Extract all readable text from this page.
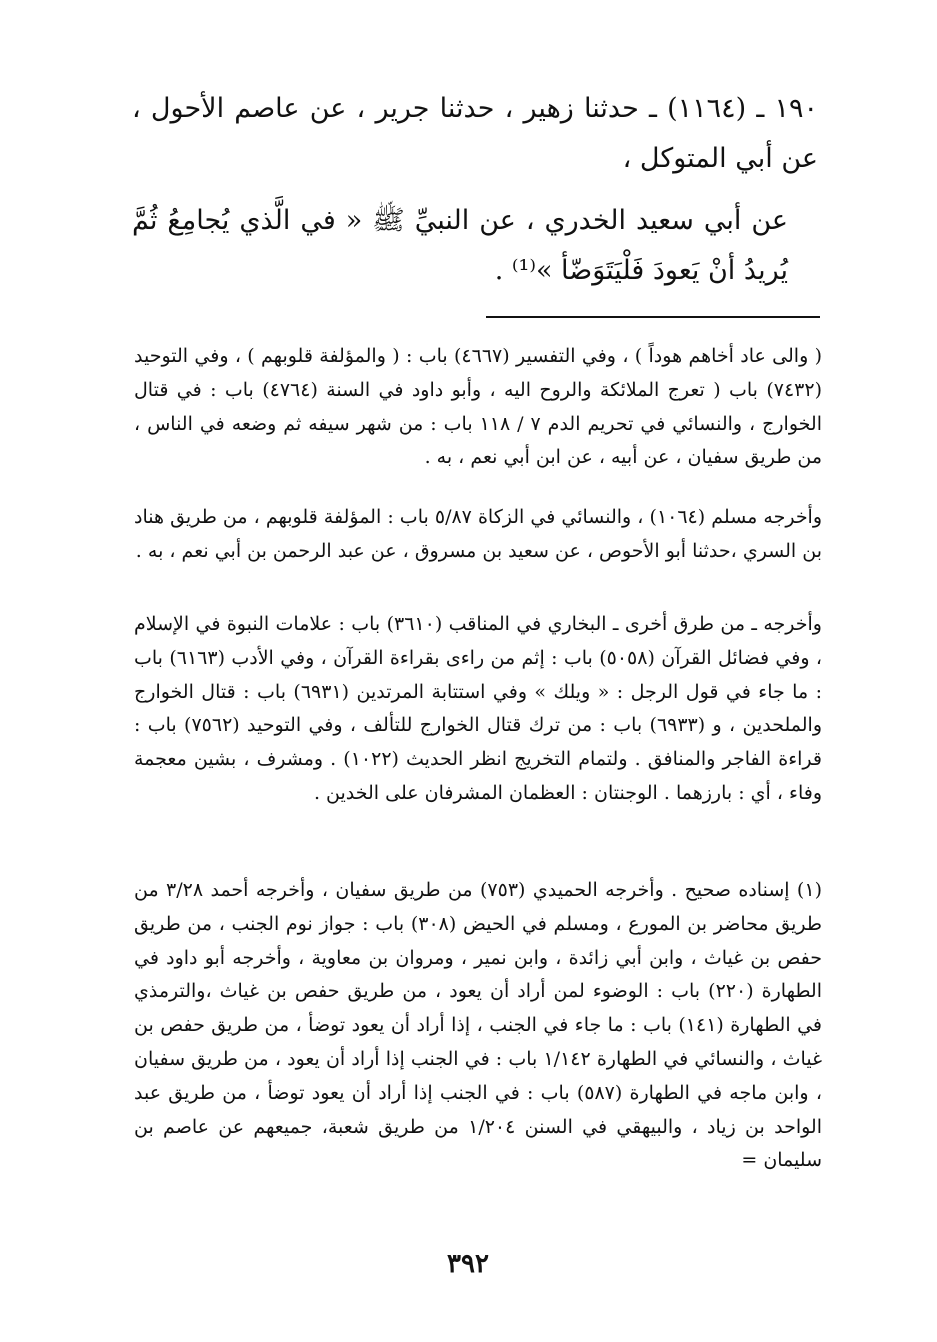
١٩٠ ـ (١١٦٤) ـ حدثنا زهير ، حدثنا جرير ، عن عاصم الأحول ، عن أبي المتوكل ،

عن أبي سعيد الخدري ، عن النبيِّ ﷺ « في الَّذي يُجامِعُ ثُمَّ يُريدُ أنْ يَعودَ فَلْيَتَوَضّأ »⁽¹⁾ .

( والى عاد أخاهم هوداً ) ، وفي التفسير (٤٦٦٧) باب : ( والمؤلفة قلوبهم ) ، وفي التوحيد (٧٤٣٢) باب ( تعرج الملائكة والروح اليه ، وأبو داود في السنة (٤٧٦٤) باب : في قتال الخوارج ، والنسائي في تحريم الدم ٧ / ١١٨ باب : من شهر سيفه ثم وضعه في الناس ، من طريق سفيان ، عن أبيه ، عن ابن أبي نعم ، به .

وأخرجه مسلم (١٠٦٤) ، والنسائي في الزكاة ٥/٨٧ باب : المؤلفة قلوبهم ، من طريق هناد بن السري ،حدثنا أبو الأحوص ، عن سعيد بن مسروق ، عن عبد الرحمن بن أبي نعم ، به .

وأخرجه ـ من طرق أخرى ـ البخاري في المناقب (٣٦١٠) باب : علامات النبوة في الإسلام ، وفي فضائل القرآن (٥٠٥٨) باب : إثم من راءى بقراءة القرآن ، وفي الأدب (٦١٦٣) باب : ما جاء في قول الرجل : « ويلك » وفي استتابة المرتدين (٦٩٣١) باب : قتال الخوارج والملحدين ، و (٦٩٣٣) باب : من ترك قتال الخوارج للتألف ، وفي التوحيد (٧٥٦٢) باب : قراءة الفاجر والمنافق . ولتمام التخريج انظر الحديث (١٠٢٢) . ومشرف ، بشين معجمة وفاء ، أي : بارزهما . الوجنتان : العظمان المشرفان على الخدين .

(١) إسناده صحيح . وأخرجه الحميدي (٧٥٣) من طريق سفيان ، وأخرجه أحمد ٣/٢٨ من طريق محاضر بن المورع ، ومسلم في الحيض (٣٠٨) باب : جواز نوم الجنب ، من طريق حفص بن غياث ، وابن أبي زائدة ، وابن نمير ، ومروان بن معاوية ، وأخرجه أبو داود في الطهارة (٢٢٠) باب : الوضوء لمن أراد أن يعود ، من طريق حفص بن غياث ،والترمذي في الطهارة (١٤١) باب : ما جاء في الجنب ، إذا أراد أن يعود توضأ ، من طريق حفص بن غياث ، والنسائي في الطهارة ١/١٤٢ باب : في الجنب إذا أراد أن يعود ، من طريق سفيان ، وابن ماجه في الطهارة (٥٨٧) باب : في الجنب إذا أراد أن يعود توضأ ، من طريق عبد الواحد بن زياد ، والبيهقي في السنن ١/٢٠٤ من طريق شعبة، جميعهم عن عاصم بن سليمان =

٣٩٢
